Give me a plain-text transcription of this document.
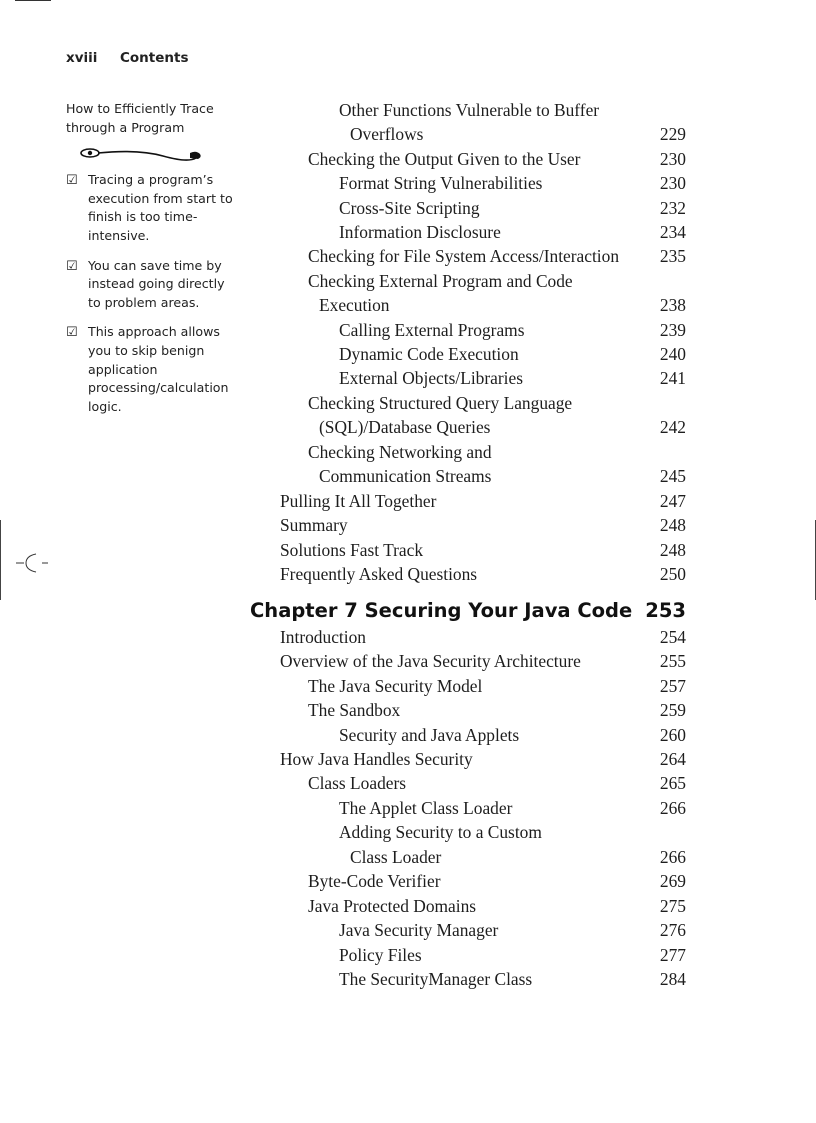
xviii Contents

How to Efficiently Trace through a Program

☑ Tracing a program’s execution from start to finish is too time-intensive.
☑ You can save time by instead going directly to problem areas.
☑ This approach allows you to skip benign application processing/calculation logic.
Other Functions Vulnerable to Buffer
Overflows	229
Checking the Output Given to the User	230
Format String Vulnerabilities	230
Cross-Site Scripting	232
Information Disclosure	234
Checking for File System Access/Interaction 235
Checking External Program and Code
Execution	238
Calling External Programs	239
Dynamic Code Execution	240
External Objects/Libraries	241
Checking Structured Query Language
(SQL)/Database Queries	242
Checking Networking and
Communication Streams	245
Pulling It All Together	247
Summary	248
Solutions Fast Track	248
Frequently Asked Questions	250
Chapter 7 Securing Your Java Code 253
Introduction	254
Overview of the Java Security Architecture	255
The Java Security Model	257
The Sandbox	259
Security and Java Applets	260
How Java Handles Security	264
Class Loaders	265
The Applet Class Loader	266
Adding Security to a Custom
Class Loader	266
Byte-Code Verifier	269
Java Protected Domains	275
Java Security Manager	276
Policy Files	277
The SecurityManager Class	284
